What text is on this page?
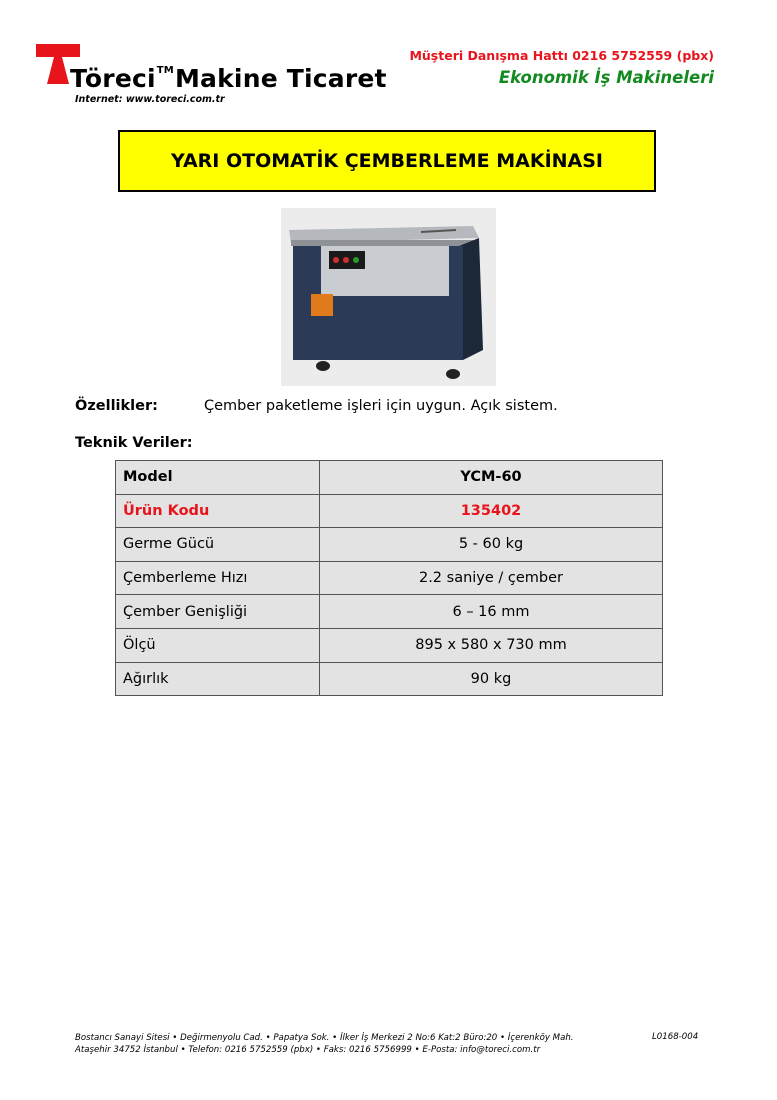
Töreci™Makine Ticaret
Internet: www.toreci.com.tr
Müşteri Danışma Hattı 0216 5752559 (pbx)
Ekonomik İş Makineleri
YARI OTOMATİK ÇEMBERLEME MAKİNASI
Özellikler:	Çember paketleme işleri için uygun. Açık sistem.
Teknik Veriler:
Model	YCM-60
Ürün Kodu	135402
Germe Gücü	5 - 60 kg
Çemberleme Hızı	2.2 saniye / çember
Çember Genişliği	6 – 16 mm
Ölçü	895 x 580 x 730 mm
Ağırlık	90 kg
Bostancı Sanayi Sitesi • Değirmenyolu Cad. • Papatya Sok. • İlker İş Merkezi 2 No:6 Kat:2 Büro:20 • İçerenköy Mah.
Ataşehir 34752 İstanbul • Telefon: 0216 5752559 (pbx) • Faks: 0216 5756999 • E-Posta: info@toreci.com.tr
L0168-004
